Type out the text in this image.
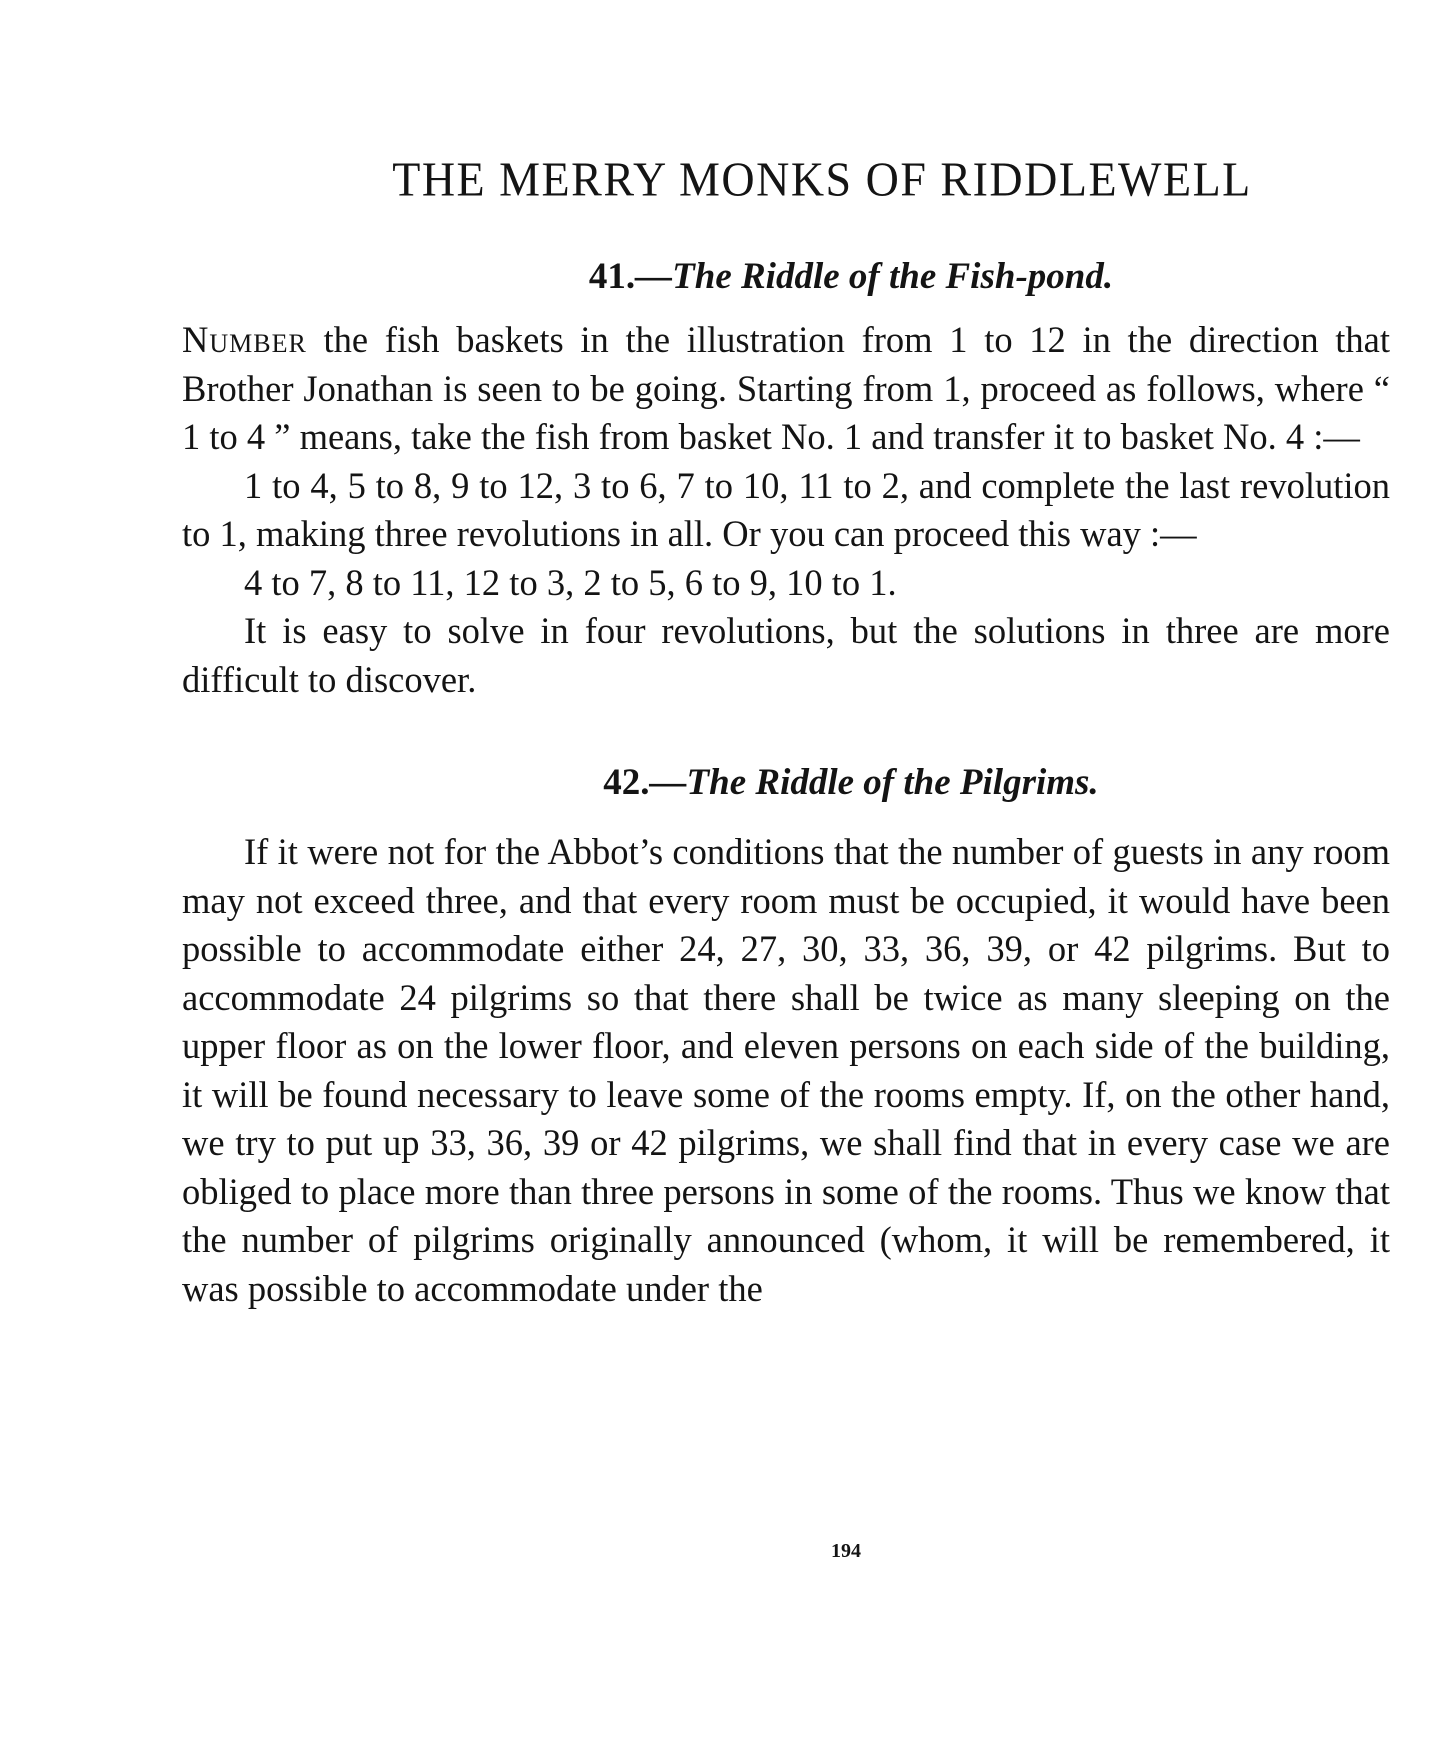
THE MERRY MONKS OF RIDDLEWELL
41.—The Riddle of the Fish-pond.

Number the fish baskets in the illustration from 1 to 12 in the direction that Brother Jonathan is seen to be going. Starting from 1, proceed as follows, where “ 1 to 4 ” means, take the fish from basket No. 1 and transfer it to basket No. 4 :—

1 to 4, 5 to 8, 9 to 12, 3 to 6, 7 to 10, 11 to 2, and complete the last revolution to 1, making three revolutions in all. Or you can proceed this way :—

4 to 7, 8 to 11, 12 to 3, 2 to 5, 6 to 9, 10 to 1.

It is easy to solve in four revolutions, but the solutions in three are more difficult to discover.

42.—The Riddle of the Pilgrims.

If it were not for the Abbot’s conditions that the number of guests in any room may not exceed three, and that every room must be occupied, it would have been possible to accommodate either 24, 27, 30, 33, 36, 39, or 42 pilgrims. But to accommodate 24 pilgrims so that there shall be twice as many sleeping on the upper floor as on the lower floor, and eleven persons on each side of the building, it will be found necessary to leave some of the rooms empty. If, on the other hand, we try to put up 33, 36, 39 or 42 pilgrims, we shall find that in every case we are obliged to place more than three persons in some of the rooms. Thus we know that the number of pilgrims originally announced (whom, it will be remembered, it was possible to accommodate under the

194
